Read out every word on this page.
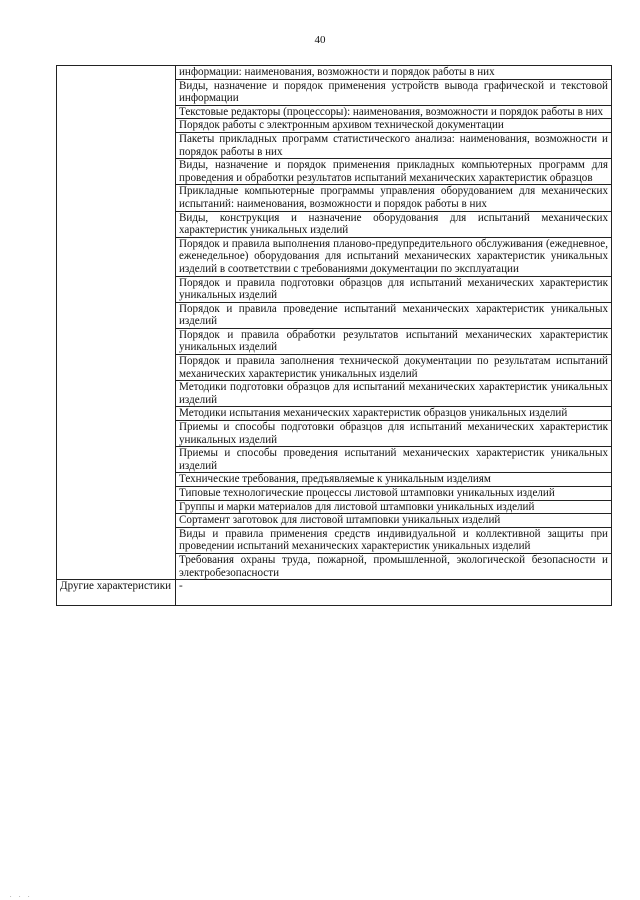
40
	информации: наименования, возможности и порядок работы в них
	Виды, назначение и порядок применения устройств вывода графической и текстовой информации
	Текстовые редакторы (процессоры): наименования, возможности и порядок работы в них
	Порядок работы с электронным архивом технической документации
	Пакеты прикладных программ статистического анализа: наименования, возможности и порядок работы в них
	Виды, назначение и порядок применения прикладных компьютерных программ для проведения и обработки результатов испытаний механических характеристик образцов
	Прикладные компьютерные программы управления оборудованием для механических испытаний: наименования, возможности и порядок работы в них
	Виды, конструкция и назначение оборудования для испытаний механических характеристик уникальных изделий
	Порядок и правила выполнения планово-предупредительного обслуживания (ежедневное, еженедельное) оборудования для испытаний механических характеристик уникальных изделий в соответствии с требованиями документации по эксплуатации
	Порядок и правила подготовки образцов для испытаний механических характеристик уникальных изделий
	Порядок и правила проведение испытаний механических характеристик уникальных изделий
	Порядок и правила обработки результатов испытаний механических характеристик уникальных изделий
	Порядок и правила заполнения технической документации по результатам испытаний механических характеристик уникальных изделий
	Методики подготовки образцов для испытаний механических характеристик уникальных изделий
	Методики испытания механических характеристик образцов уникальных изделий
	Приемы и способы подготовки образцов для испытаний механических характеристик уникальных изделий
	Приемы и способы проведения испытаний механических характеристик уникальных изделий
	Технические требования, предъявляемые к уникальным изделиям
	Типовые технологические процессы листовой штамповки уникальных изделий
	Группы и марки материалов для листовой штамповки уникальных изделий
	Сортамент заготовок для листовой штамповки уникальных изделий
	Виды и правила применения средств индивидуальной и коллективной защиты при проведении испытаний механических характеристик уникальных изделий
	Требования охраны труда, пожарной, промышленной, экологической безопасности и электробезопасности
Другие характеристики	-
. . .
